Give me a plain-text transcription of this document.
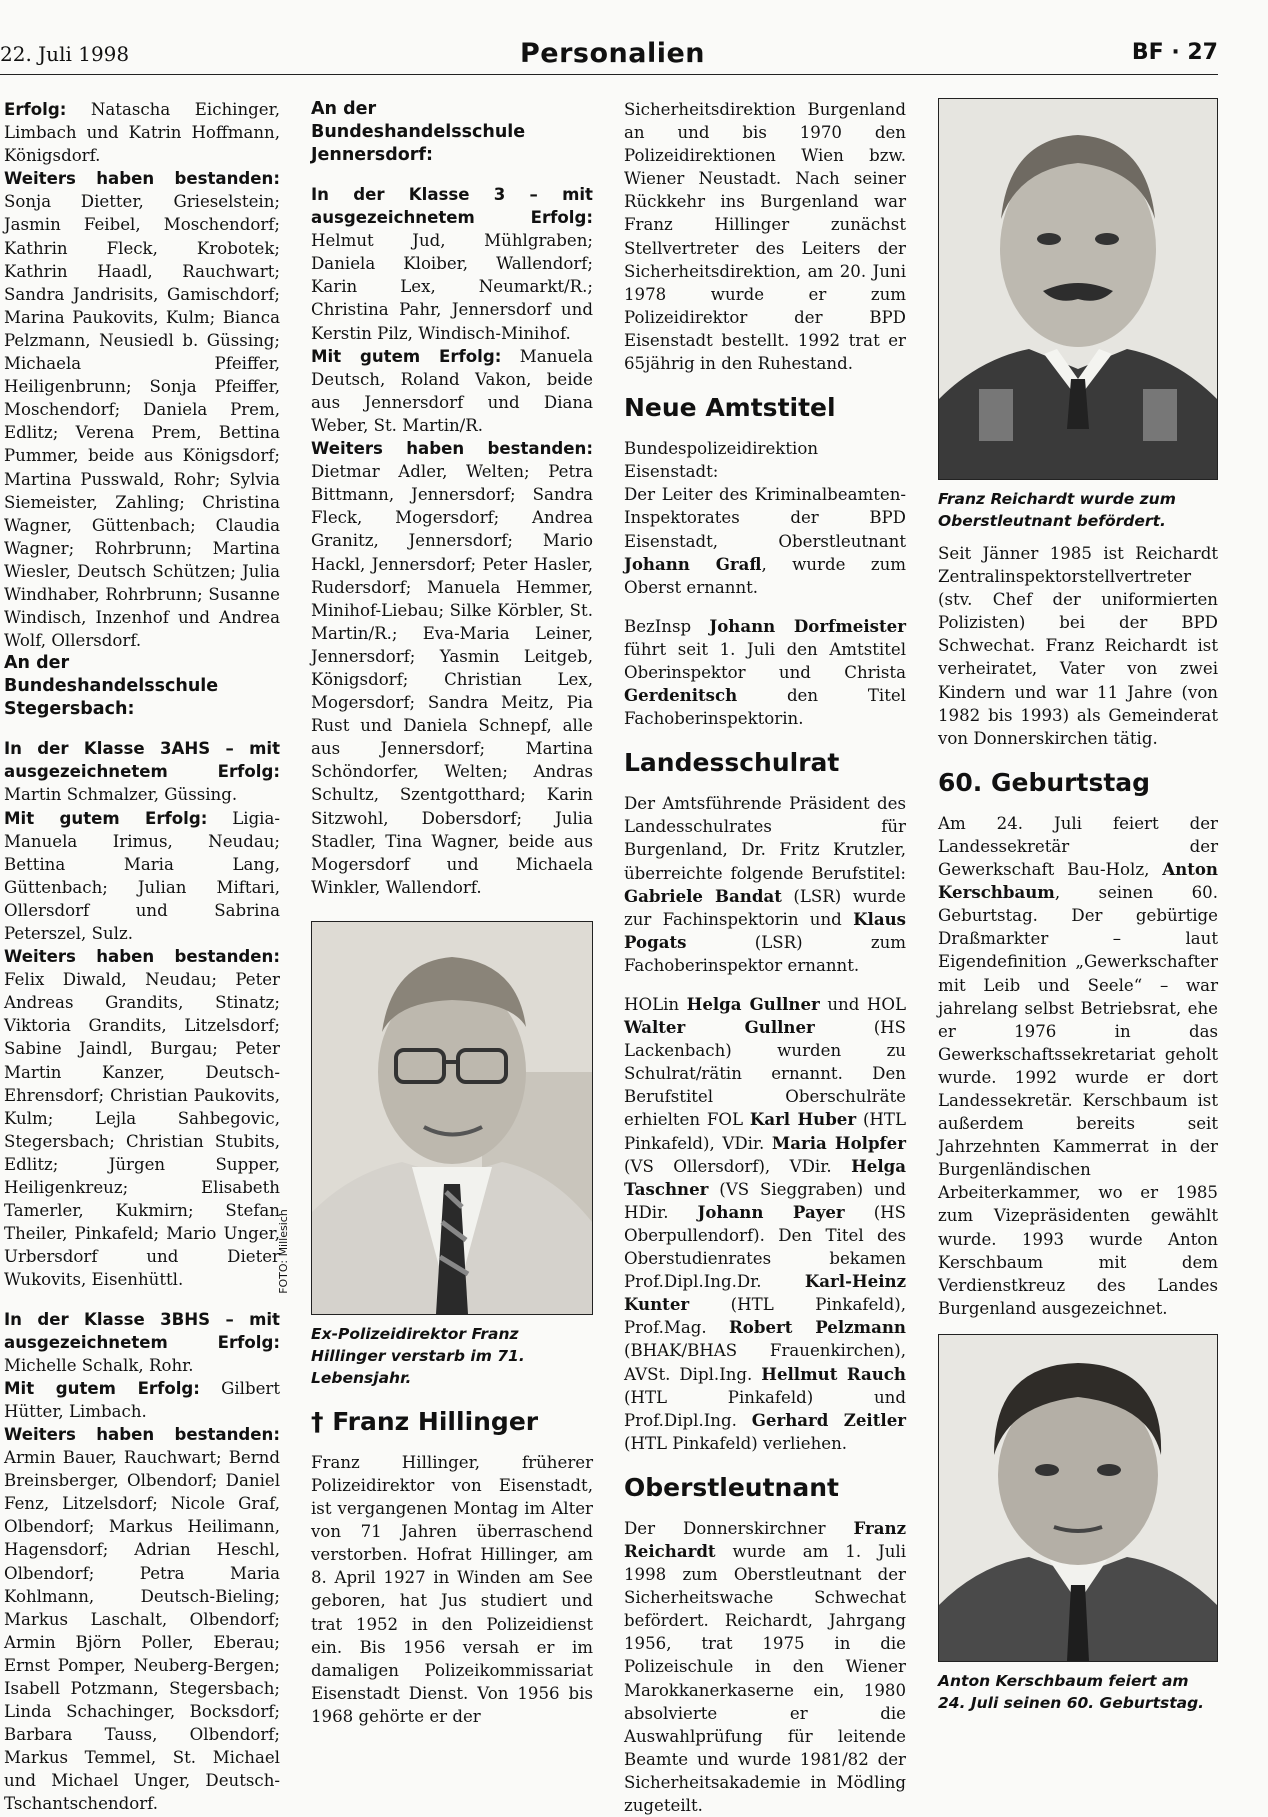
22. Juli 1998	Personalien	BF · 27

Erfolg: Natascha Eichinger, Limbach und Katrin Hoffmann, Königsdorf.

Weiters haben bestanden: Sonja Dietter, Grieselstein; Jasmin Feibel, Moschendorf; Kathrin Fleck, Krobotek; Kathrin Haadl, Rauchwart; Sandra Jandrisits, Gamischdorf; Marina Paukovits, Kulm; Bianca Pelzmann, Neusiedl b. Güssing; Michaela Pfeiffer, Heiligenbrunn; Sonja Pfeiffer, Moschendorf; Daniela Prem, Edlitz; Verena Prem, Bettina Pummer, beide aus Königsdorf; Martina Pusswald, Rohr; Sylvia Siemeister, Zahling; Christina Wagner, Güttenbach; Claudia Wagner; Rohrbrunn; Martina Wiesler, Deutsch Schützen; Julia Windhaber, Rohrbrunn; Susanne Windisch, Inzenhof und Andrea Wolf, Ollersdorf.

An der Bundeshandelsschule Stegersbach:

In der Klasse 3AHS – mit ausgezeichnetem Erfolg: Martin Schmalzer, Güssing.

Mit gutem Erfolg: Ligia-Manuela Irimus, Neudau; Bettina Maria Lang, Güttenbach; Julian Miftari, Ollersdorf und Sabrina Peterszel, Sulz.

Weiters haben bestanden: Felix Diwald, Neudau; Peter Andreas Grandits, Stinatz; Viktoria Grandits, Litzelsdorf; Sabine Jaindl, Burgau; Peter Martin Kanzer, Deutsch-Ehrensdorf; Christian Paukovits, Kulm; Lejla Sahbegovic, Stegersbach; Christian Stubits, Edlitz; Jürgen Supper, Heiligenkreuz; Elisabeth Tamerler, Kukmirn; Stefan Theiler, Pinkafeld; Mario Unger, Urbersdorf und Dieter Wukovits, Eisenhüttl.

In der Klasse 3BHS – mit ausgezeichnetem Erfolg: Michelle Schalk, Rohr.

Mit gutem Erfolg: Gilbert Hütter, Limbach.

Weiters haben bestanden: Armin Bauer, Rauchwart; Bernd Breinsberger, Olbendorf; Daniel Fenz, Litzelsdorf; Nicole Graf, Olbendorf; Markus Heilimann, Hagensdorf; Adrian Heschl, Olbendorf; Petra Maria Kohlmann, Deutsch-Bieling; Markus Laschalt, Olbendorf; Armin Björn Poller, Eberau; Ernst Pomper, Neuberg-Bergen; Isabell Potzmann, Stegersbach; Linda Schachinger, Bocksdorf; Barbara Tauss, Olbendorf; Markus Temmel, St. Michael und Michael Unger, Deutsch-Tschantschendorf.

An der Bundeshandelsschule Jennersdorf:

In der Klasse 3 – mit ausgezeichnetem Erfolg: Helmut Jud, Mühlgraben; Daniela Kloiber, Wallendorf; Karin Lex, Neumarkt/R.; Christina Pahr, Jennersdorf und Kerstin Pilz, Windisch-Minihof.

Mit gutem Erfolg: Manuela Deutsch, Roland Vakon, beide aus Jennersdorf und Diana Weber, St. Martin/R.

Weiters haben bestanden: Dietmar Adler, Welten; Petra Bittmann, Jennersdorf; Sandra Fleck, Mogersdorf; Andrea Granitz, Jennersdorf; Mario Hackl, Jennersdorf; Peter Hasler, Rudersdorf; Manuela Hemmer, Minihof-Liebau; Silke Körbler, St. Martin/R.; Eva-Maria Leiner, Jennersdorf; Yasmin Leitgeb, Königsdorf; Christian Lex, Mogersdorf; Sandra Meitz, Pia Rust und Daniela Schnepf, alle aus Jennersdorf; Martina Schöndorfer, Welten; Andras Schultz, Szentgotthard; Karin Sitzwohl, Dobersdorf; Julia Stadler, Tina Wagner, beide aus Mogersdorf und Michaela Winkler, Wallendorf.

Ex-Polizeidirektor Franz Hillinger verstarb im 71. Lebensjahr.
† Franz Hillinger

Franz Hillinger, früherer Polizeidirektor von Eisenstadt, ist vergangenen Montag im Alter von 71 Jahren überraschend verstorben. Hofrat Hillinger, am 8. April 1927 in Winden am See geboren, hat Jus studiert und trat 1952 in den Polizeidienst ein. Bis 1956 versah er im damaligen Polizeikommissariat Eisenstadt Dienst. Von 1956 bis 1968 gehörte er der

FOTO: Millesich

Sicherheitsdirektion Burgenland an und bis 1970 den Polizeidirektionen Wien bzw. Wiener Neustadt. Nach seiner Rückkehr ins Burgenland war Franz Hillinger zunächst Stellvertreter des Leiters der Sicherheitsdirektion, am 20. Juni 1978 wurde er zum Polizeidirektor der BPD Eisenstadt bestellt. 1992 trat er 65jährig in den Ruhestand.

Neue Amtstitel

Bundespolizeidirektion Eisenstadt:

Der Leiter des Kriminalbeamten-Inspektorates der BPD Eisenstadt, Oberstleutnant Johann Grafl, wurde zum Oberst ernannt.

BezInsp Johann Dorfmeister führt seit 1. Juli den Amtstitel Oberinspektor und Christa Gerdenitsch den Titel Fachoberinspektorin.

Landesschulrat

Der Amtsführende Präsident des Landesschulrates für Burgenland, Dr. Fritz Krutzler, überreichte folgende Berufstitel: Gabriele Bandat (LSR) wurde zur Fachinspektorin und Klaus Pogats (LSR) zum Fachoberinspektor ernannt.

HOLin Helga Gullner und HOL Walter Gullner (HS Lackenbach) wurden zu Schulrat/rätin ernannt. Den Berufstitel Oberschulräte erhielten FOL Karl Huber (HTL Pinkafeld), VDir. Maria Holpfer (VS Ollersdorf), VDir. Helga Taschner (VS Sieggraben) und HDir. Johann Payer (HS Oberpullendorf). Den Titel des Oberstudienrates bekamen Prof.Dipl.Ing.Dr. Karl-Heinz Kunter (HTL Pinkafeld), Prof.Mag. Robert Pelzmann (BHAK/BHAS Frauenkirchen), AVSt. Dipl.Ing. Hellmut Rauch (HTL Pinkafeld) und Prof.Dipl.Ing. Gerhard Zeitler (HTL Pinkafeld) verliehen.

Oberstleutnant

Der Donnerskirchner Franz Reichardt wurde am 1. Juli 1998 zum Oberstleutnant der Sicherheitswache Schwechat befördert. Reichardt, Jahrgang 1956, trat 1975 in die Polizeischule in den Wiener Marokkanerkaserne ein, 1980 absolvierte er die Auswahlprüfung für leitende Beamte und wurde 1981/82 der Sicherheitsakademie in Mödling zugeteilt.

Franz Reichardt wurde zum Oberstleutnant befördert.

Seit Jänner 1985 ist Reichardt Zentralinspektorstellvertreter (stv. Chef der uniformierten Polizisten) bei der BPD Schwechat. Franz Reichardt ist verheiratet, Vater von zwei Kindern und war 11 Jahre (von 1982 bis 1993) als Gemeinderat von Donnerskirchen tätig.

60. Geburtstag

Am 24. Juli feiert der Landessekretär der Gewerkschaft Bau-Holz, Anton Kerschbaum, seinen 60. Geburtstag. Der gebürtige Draßmarkter – laut Eigendefinition „Gewerkschafter mit Leib und Seele“ – war jahrelang selbst Betriebsrat, ehe er 1976 in das Gewerkschaftssekretariat geholt wurde. 1992 wurde er dort Landessekretär. Kerschbaum ist außerdem bereits seit Jahrzehnten Kammerrat in der Burgenländischen Arbeiterkammer, wo er 1985 zum Vizepräsidenten gewählt wurde. 1993 wurde Anton Kerschbaum mit dem Verdienstkreuz des Landes Burgenland ausgezeichnet.

Anton Kerschbaum feiert am 24. Juli seinen 60. Geburtstag.
